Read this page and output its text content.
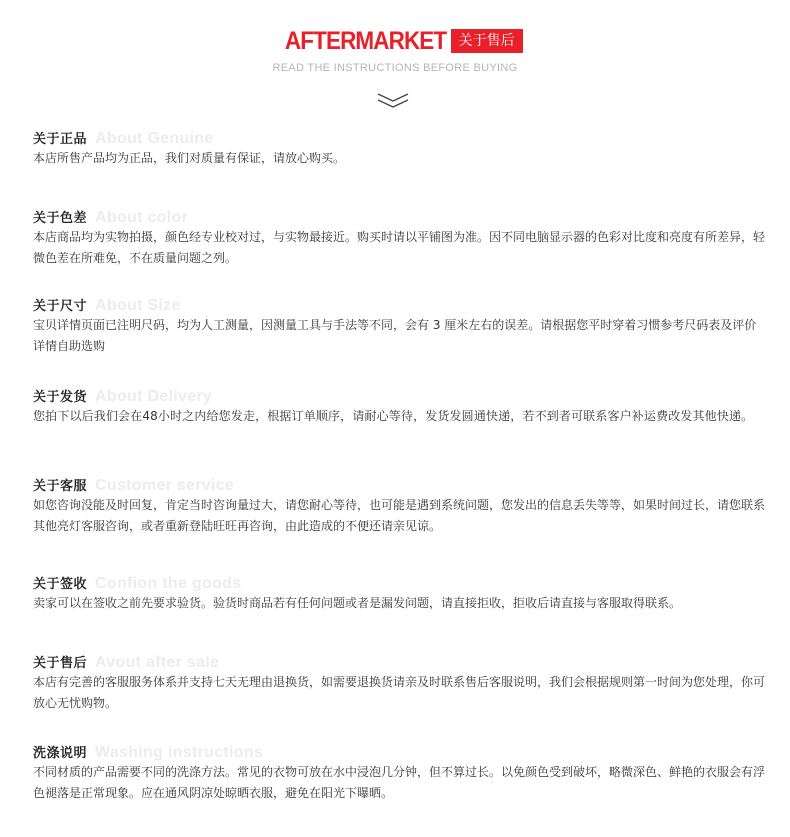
AFTERMARKET 关于售后
READ THE INSTRUCTIONS BEFORE BUYING
关于正品 About Genuine

本店所售产品均为正品，我们对质量有保证，请放心购买。

关于色差 About color

本店商品均为实物拍摄，颜色经专业校对过，与实物最接近。购买时请以平铺图为准。因不同电脑显示器的色彩对比度和亮度有所差异，轻微色差在所难免，不在质量问题之列。

关于尺寸 About Size

宝贝详情页面已注明尺码，均为人工测量，因测量工具与手法等不同，会有 3 厘米左右的误差。请根据您平时穿着习惯参考尺码表及评价详情自助选购

关于发货 About Delivery

您拍下以后我们会在48小时之内给您发走，根据订单顺序，请耐心等待，发货发圆通快递，若不到者可联系客户补运费改发其他快递。

关于客服 Customer service

如您咨询没能及时回复，肯定当时咨询量过大，请您耐心等待，也可能是遇到系统问题，您发出的信息丢失等等，如果时间过长，请您联系其他亮灯客服咨询，或者重新登陆旺旺再咨询，由此造成的不便还请亲见谅。

关于签收 Confion the goods

卖家可以在签收之前先要求验货。验货时商品若有任何问题或者是漏发问题，请直接拒收，拒收后请直接与客服取得联系。

关于售后 Avout after sale

本店有完善的客服服务体系并支持七天无理由退换货，如需要退换货请亲及时联系售后客服说明，我们会根据规则第一时间为您处理，你可放心无忧购物。

洗涤说明 Washing instructions

不同材质的产品需要不同的洗涤方法。常见的衣物可放在水中浸泡几分钟，但不算过长。以免颜色受到破坏，略微深色、鲜艳的衣服会有浮色褪落是正常现象。应在通风阴凉处晾晒衣服，避免在阳光下曝晒。
